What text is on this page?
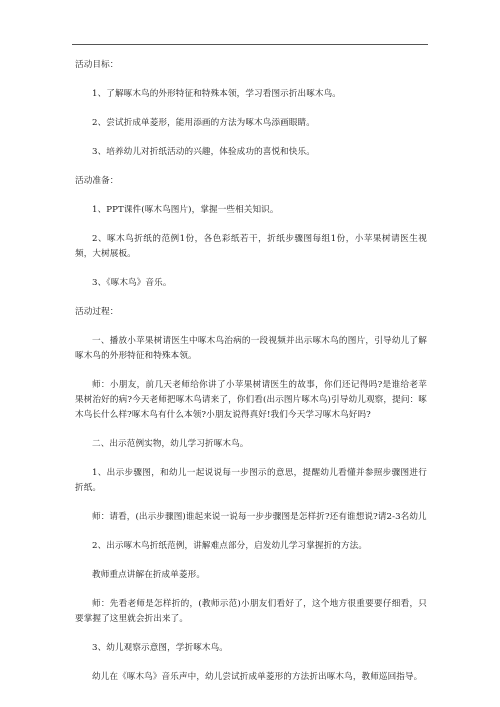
活动目标：

1、了解啄木鸟的外形特征和特殊本领，学习看图示折出啄木鸟。

2、尝试折成单菱形，能用添画的方法为啄木鸟添画眼睛。

3、培养幼儿对折纸活动的兴趣，体验成功的喜悦和快乐。

活动准备：

1、PPT课件(啄木鸟图片)，掌握一些相关知识。

2、啄木鸟折纸的范例1份，各色彩纸若干，折纸步骤图每组1份，小苹果树请医生视频，大树展板。

3、《啄木鸟》音乐。

活动过程：

一、播放小苹果树请医生中啄木鸟治病的一段视频并出示啄木鸟的图片，引导幼儿了解啄木鸟的外形特征和特殊本领。

师：小朋友，前几天老师给你讲了小苹果树请医生的故事，你们还记得吗?是谁给老苹果树治好的病?今天老师把啄木鸟请来了，你们看(出示图片啄木鸟)引导幼儿观察，提问：啄木鸟长什么样?啄木鸟有什么本领?小朋友说得真好!我们今天学习啄木鸟好吗?

二、出示范例实物，幼儿学习折啄木鸟。

1、出示步骤图，和幼儿一起说说每一步图示的意思，提醒幼儿看懂并参照步骤图进行折纸。

师：请看，(出示步骤图)谁起来说一说每一步步骤图是怎样折?还有谁想说?请2-3名幼儿

2、出示啄木鸟折纸范例，讲解难点部分，启发幼儿学习掌握折的方法。

教师重点讲解在折成单菱形。

师：先看老师是怎样折的，(教师示范)小朋友们看好了，这个地方很重要要仔细看，只要掌握了这里就会折出来了。

3、幼儿观察示意图，学折啄木鸟。

幼儿在《啄木鸟》音乐声中，幼儿尝试折成单菱形的方法折出啄木鸟，教师巡回指导。
